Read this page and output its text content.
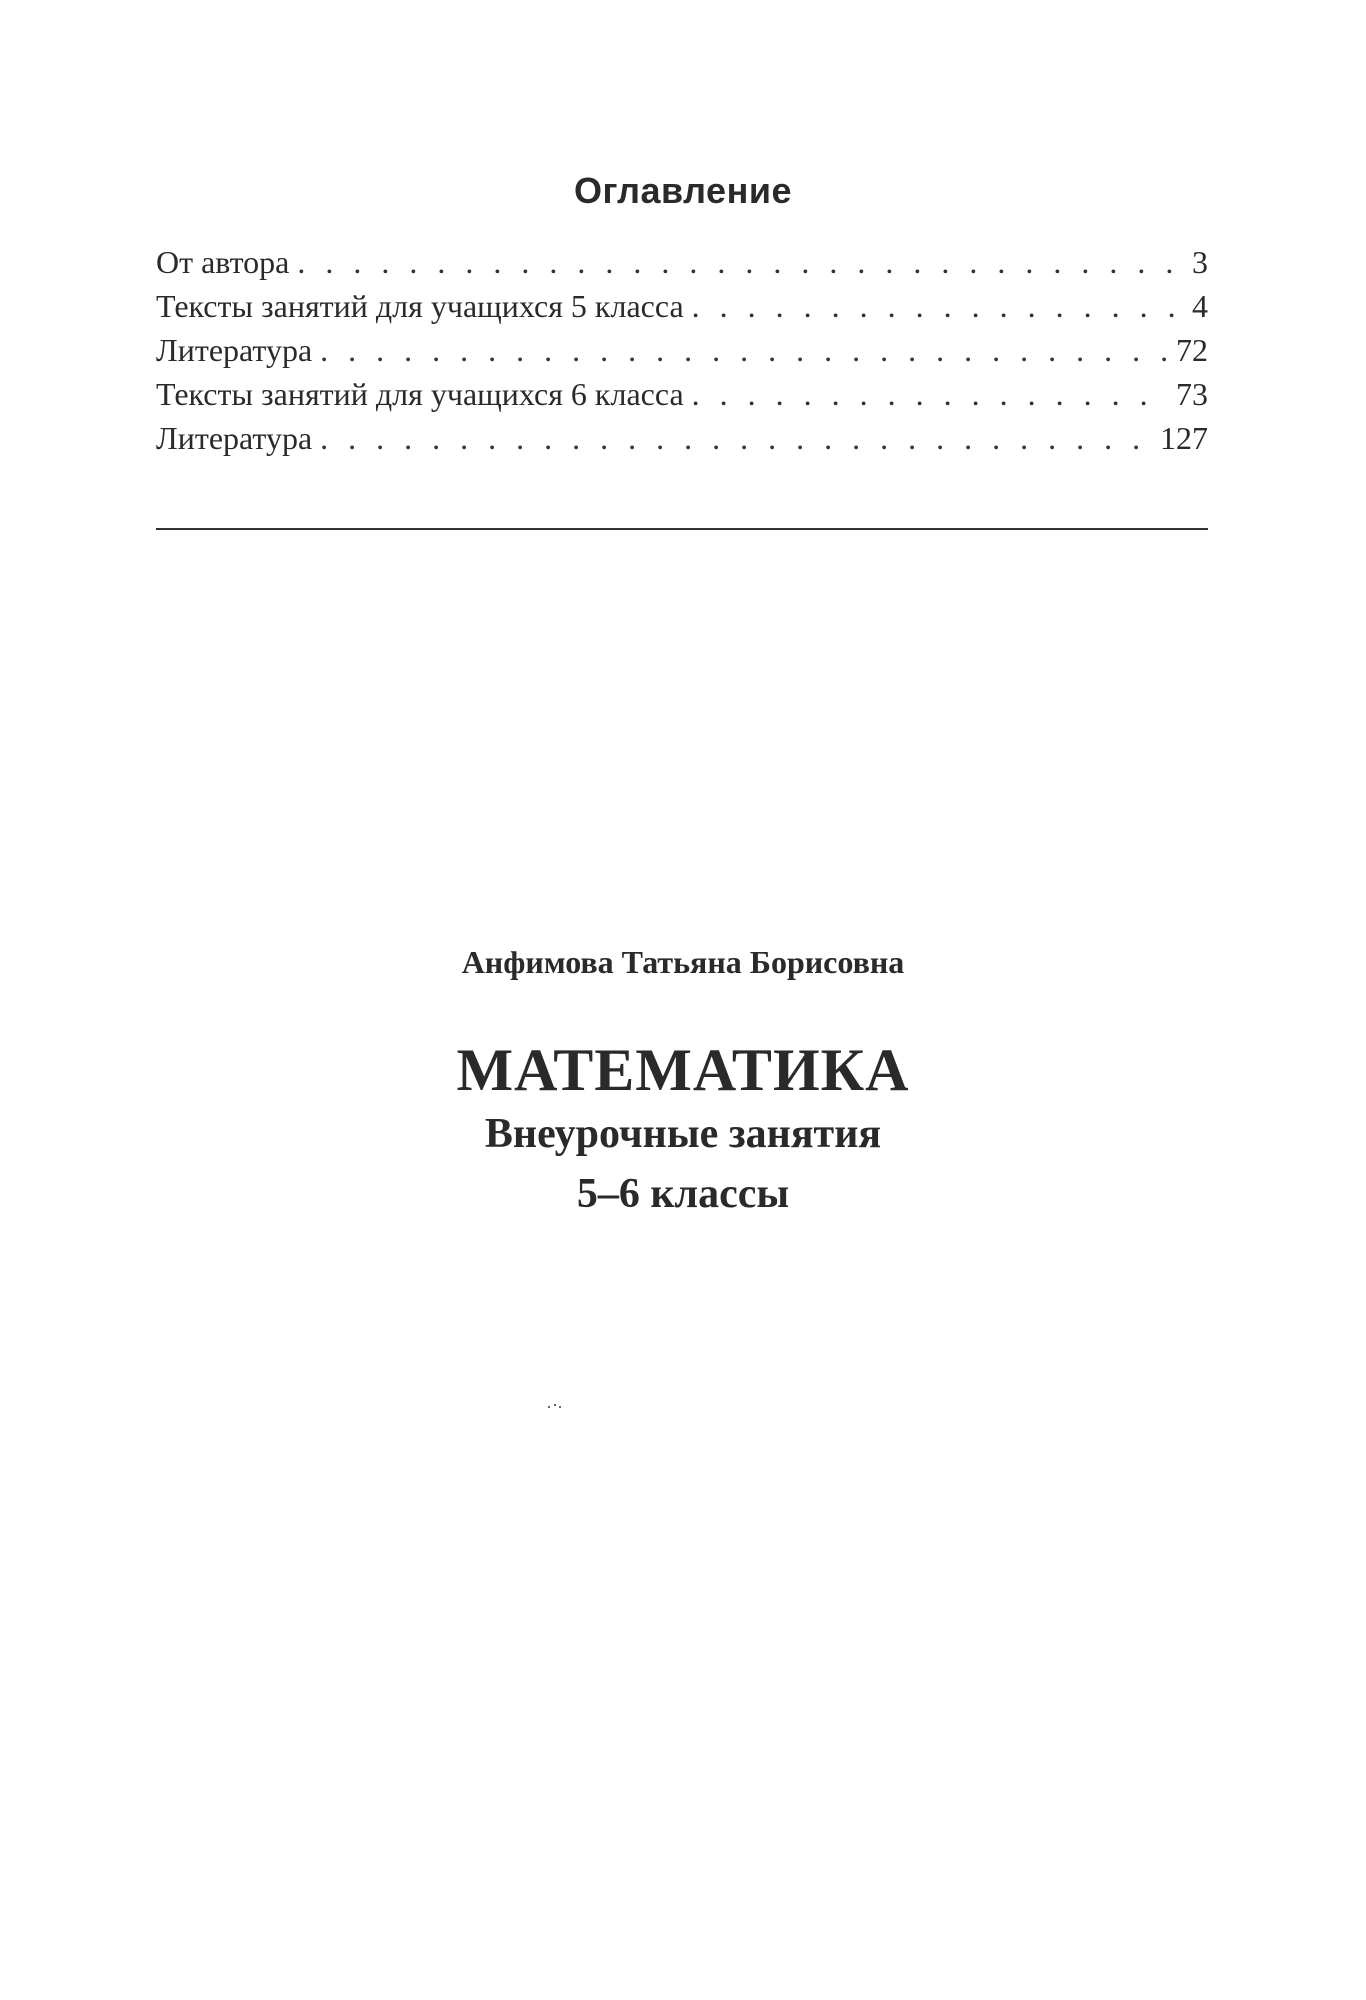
Оглавление
От автора . . .	3
Тексты занятий для учащихся 5 класса . . .	4
Литература . . .	72
Тексты занятий для учащихся 6 класса . . .	73
Литература . . .	127
Анфимова Татьяна Борисовна
МАТЕМАТИКА
Внеурочные занятия
5–6 классы
